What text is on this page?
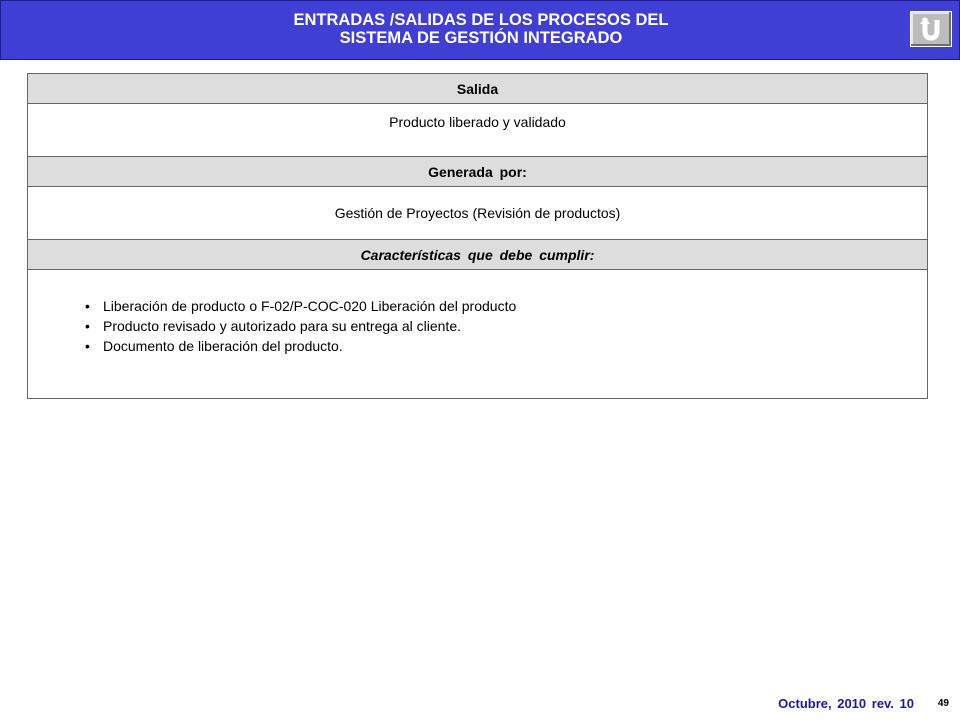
ENTRADAS /SALIDAS DE LOS PROCESOS DEL
SISTEMA DE GESTIÓN INTEGRADO
Salida
Producto liberado y validado
Generada por:
Gestión de Proyectos (Revisión de productos)
Características que debe cumplir:
• Liberación de producto o F-02/P-COC-020 Liberación del producto
• Producto revisado y autorizado para su entrega al cliente.
• Documento de liberación del producto.
Octubre, 2010 rev. 10 49
